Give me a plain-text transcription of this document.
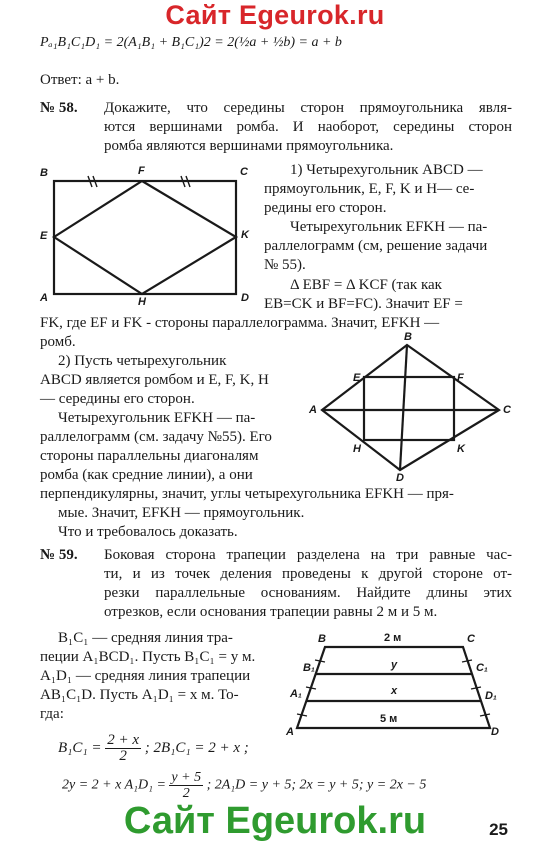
Сайт Egeurok.ru
Pₐ₁B₁C₁D₁ = 2(A₁B₁ + B₁C₁)2 = 2(½a + ½b) = a + b
Ответ: a + b.
№ 58. Докажите, что середины сторон прямоугольника явля-
ются вершинами ромба. И наоборот, середины сторон
ромба являются вершинами прямоугольника.
B	F	C
E	K
A	H	D
1) Четырехугольник ABCD —
прямоугольник, E, F, K и H— се-
редины его сторон.
Четырехугольник EFKH — па-
раллелограмм (см, решение задачи
№ 55).
Δ EBF = Δ KCF (так как
EB=CK и BF=FC). Значит EF =
FK, где EF и FK - стороны параллелограмма. Значит, EFKH —
ромб.
2) Пусть четырехугольник
ABCD является ромбом и E, F, K, H
— середины его сторон.
Четырехугольник EFKH — па-
раллелограмм (см. задачу №55). Его
стороны параллельны диагоналям
ромба (как средние линии), а они
перпендикулярны, значит, углы четырехугольника EFKH — пря-
мые. Значит, EFKH — прямоугольник.
Что и требовалось доказать.
B
E	F
A	C
H	K
D
№ 59. Боковая сторона трапеции разделена на три равные час-
ти, и из точек деления проведены к другой стороне от-
резки параллельные основаниям. Найдите длины этих
отрезков, если основания трапеции равны 2 м и 5 м.
B₁C₁ — средняя линия тра-
пеции A₁BCD₁. Пусть B₁C₁ = y м.
A₁D₁ — средняя линия трапеции
AB₁C₁D. Пусть A₁D₁ = x м. То-
гда:
$B_1C_1 = \frac{2 + x}{2}$ ; 2B₁C₁ = 2 + x ;
2y = 2 + x $A_1D_1 = \frac{y + 5}{2}$ ; 2A₁D = y + 5; 2x = y + 5; y = 2x − 5
B	2 м	C
B₁	y	C₁
A₁	x	D₁
5 м
A	D
Сайт Egeurok.ru	25
